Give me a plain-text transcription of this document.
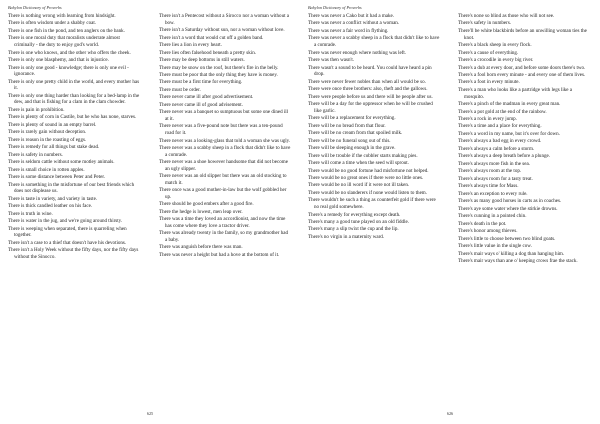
Babylon Dictionary of Proverbs

There is nothing wrong with learning from hindsight.

There is often wisdom under a shabby coat.

There is one fish in the pond, and ten anglers on the bank.

There is one moral duty that moralists underrate almost criminally - the duty to enjoy god's world.

There is one who knows, and the other who offers the cheek.

There is only one blasphemy, and that is injustice.

There is only one good - knowledge; there is only one evil - ignorance.

There is only one pretty child in the world, and every mother has it.

There is only one thing harder than looking for a bed-lamp in the dew, and that is fishing for a clam in the clam chowder.

There is pain in prohibition.

There is plenty of corn in Castile, but he who has none, starves.

There is plenty of sound in an empty barrel.

There is rarely gain without deception.

There is reason in the roasting of eggs.

There is remedy for all things but stake dead.

There is safety in numbers.

There is seldom cattle without some motley animals.

There is small choice in rotten apples.

There is some distance between Peter and Peter.

There is something in the misfortune of our best friends which does not displease us.

There is taste in variety, and variety in taste.

There is thick candled leather on his face.

There is truth in wine.

There is water in the jug, and we're going around thirsty.

There is weeping when separated, there is quarreling when together.

There isn't a case to a thief that doesn't have his devotions.

There isn't a Holy Week without the fifty days, nor the fifty days without the Sinocco.

There isn't a Pentecost without a Sirocco nor a woman without a bow.

There isn't a Saturday without sun, nor a woman without love.

There isn't a word that would cut off a golden band.

There lies a lion in every heart.

There lies often falsehood beneath a pretty skin.

There may be deep bottoms in still waters.

There may be snow on the roof, but there's fire in the belly.

There must be poor that the only thing they have is money.

There must be a first time for everything.

There must be order.

There never came ill after good advertisement.

There never came ill of good advisement.

There never was a banquet so sumptuous but some one dined ill at it.

There never was a five-pound note but there was a ten-pound road for it.

There never was a looking-glass that told a woman she was ugly.

There never was a scabby sheep in a flock that didn't like to have a comrade.

There never was a shoe however handsome that did not become an ugly slipper.

There never was an old slipper but there was an old stocking to match it.

There once was a good mother-in-law but the wolf gobbled her up.

There should be good embers after a good fire.

There the hedge is lowest, men leap over.

There was a time they loved an accordionist, and now the time has come where they love a tractor driver.

There was already twenty in the family, so my grandmother had a baby.

There was anguish before there was man.

There was never a height but had a hove at the bottom of it.

625
Babylon Dictionary of Proverbs

There was never a Cako but it had a make.

There was never a conflict without a woman.

There was never a fair word in flything.

There was never a scabby sheep in a flock that didn't like to have a comrade.

There was never enough where nothing was left.

There was then wasn't.

There wasn't a sound to be heard. You could have heard a pin drop.

There were never fewer nobles than when all would be so.

There were once three brothers: also, theft and the gallows.

There were people before us and there will be people after us.

There will be a day for the oppressor when he will be crushed like garlic.

There will be a replacement for everything.

There will be no bread from that flour.

There will be no cream from that spoiled milk.

There will be no funeral song out of this.

There will be sleeping enough in the grave.

There will be trouble if the cobbler starts making pies.

There will come a time when the seed will sprout.

There would be no good fortune had misfortune not helped.

There would be no great ones if there were no little ones.

There would be no ill word if it were not ill taken.

There would be no slanderers if none would listen to them.

There wouldn't be such a thing as counterfeit gold if there were no real gold somewhere.

There's a remedy for everything except death.

There's many a good tune played on an old fiddle.

There's many a slip twixt the cup and the lip.

There's no virgin in a maternity ward.

There's none so blind as those who will not see.

There's safety in numbers.

There'll be white blackbirds before an unwilling woman ties the knot.

There's a black sheep in every flock.

There's a cause of everything.

There's a crocodile in every big river.

There's a dub at every door, and before some doors there's two.

There's a fool born every minute - and every one of them lives.

There's a foot in every minute.

There's a man who looks like a partridge with legs like a mosquito.

There's a pinch of the madman in every great man.

There's a pot gold at the end of the rainbow.

There's a rock in every jump.

There's a time and a place for everything.

There's a word in my name, but it's over for down.

There's always a bad egg in every crowd.

There's always a calm before a storm.

There's always a deep breath before a plunge.

There's always more fish in the sea.

There's always room at the top.

There's always room for a tasty treat.

There's always time for Mass.

There's an exception to every rule.

There's as many good horses in carts as in coaches.

There's aye some water where the stirkie drowns.

There's cunning in a pointed chin.

There's death in the pot.

There's honor among thieves.

There's little to choose between two blind goats.

There's little value in the single cow.

There's mair ways o' killing a dog than hanging him.

There's mair ways than ane o' keeping crows frae the stack.

626
